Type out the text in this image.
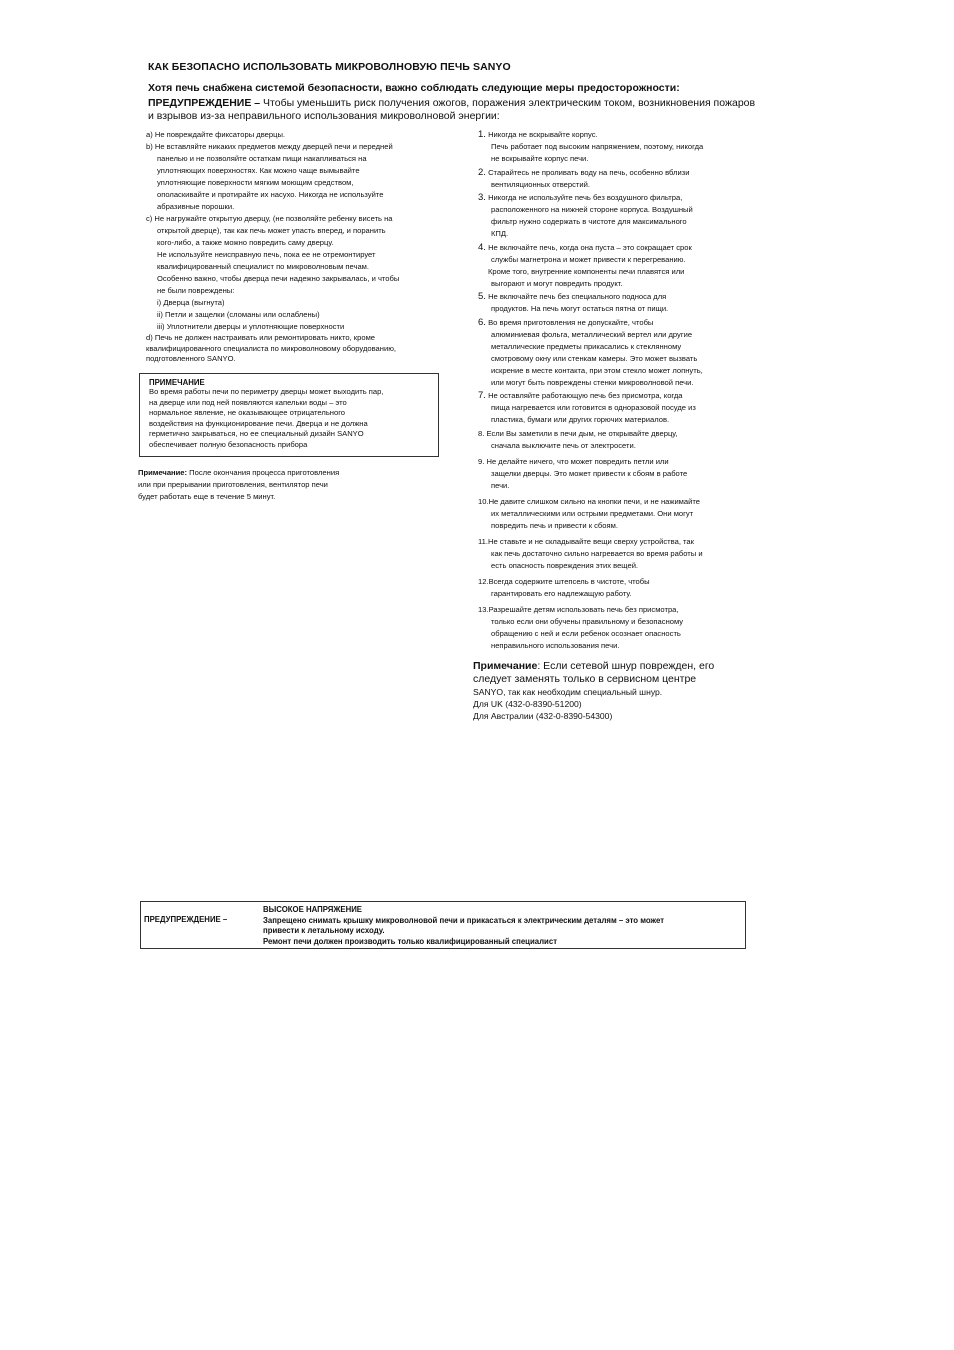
КАК БЕЗОПАСНО ИСПОЛЬЗОВАТЬ МИКРОВОЛНОВУЮ ПЕЧЬ SANYO
Хотя печь снабжена системой безопасности, важно соблюдать следующие меры предосторожности:
ПРЕДУПРЕЖДЕНИЕ – Чтобы уменьшить риск получения ожогов, поражения электрическим током, возникновения пожаров
и взрывов из-за неправильного использования микроволновой энергии:
a) Не повреждайте фиксаторы дверцы.
b) Не вставляйте никаких предметов между дверцей печи и передней
панелью и не позволяйте остаткам пищи накапливаться на
уплотняющих поверхностях. Как можно чаще вымывайте
уплотняющие поверхности мягким моющим средством,
ополаскивайте и протирайте их насухо. Никогда не используйте
абразивные порошки.
c) Не нагружайте открытую дверцу, (не позволяйте ребенку висеть на
открытой дверце), так как печь может упасть вперед, и поранить
кого-либо, а также можно повредить саму дверцу.
Не используйте неисправную печь, пока ее не отремонтирует
квалифицированный специалист по микроволновым печам.
Особенно важно, чтобы дверца печи надежно закрывалась, и чтобы
не были повреждены:
i) Дверца (выгнута)
ii) Петли и защелки (сломаны или ослаблены)
iii) Уплотнители дверцы и уплотняющие поверхности
d) Печь не должен настраивать или ремонтировать никто, кроме
квалифицированного специалиста по микроволновому оборудованию,
подготовленного SANYO.
ПРИМЕЧАНИЕ
Во время работы печи по периметру дверцы может выходить пар,
на дверце или под ней появляются капельки воды – это
нормальное явление, не оказывающее отрицательного
воздействия на функционирование печи. Дверца и не должна
герметично закрываться, но ее специальный дизайн SANYO
обеспечивает полную безопасность прибора
Примечание: После окончания процесса приготовления
или при прерывании приготовления, вентилятор печи
будет работать еще в течение 5 минут.
1. Никогда не вскрывайте корпус.
Печь работает под высоким напряжением, поэтому, никогда
не вскрывайте корпус печи.
2. Старайтесь не проливать воду на печь, особенно вблизи
вентиляционных отверстий.
3. Никогда не используйте печь без воздушного фильтра,
расположенного на нижней стороне корпуса. Воздушный
фильтр нужно содержать в чистоте для максимального
КПД.
4. Не включайте печь, когда она пуста – это сокращает срок
службы магнетрона и может привести к перегреванию.
Кроме того, внутренние компоненты печи плавятся или
выгорают и могут повредить продукт.
5. Не включайте печь без специального подноса для
продуктов. На печь могут остаться пятна от пищи.
6. Во время приготовления не допускайте, чтобы
алюминиевая фольга, металлический вертел или другие
металлические предметы прикасались к стеклянному
смотровому окну или стенкам камеры. Это может вызвать
искрение в месте контакта, при этом стекло может лопнуть,
или могут быть повреждены стенки микроволновой печи.
7. Не оставляйте работающую печь без присмотра, когда
пища нагревается или готовится в одноразовой посуде из
пластика, бумаги или других горючих материалов.
8. Если Вы заметили в печи дым, не открывайте дверцу,
сначала выключите печь от электросети.
9. Не делайте ничего, что может повредить петли или
защелки дверцы. Это может привести к сбоям в работе
печи.
10.Не давите слишком сильно на кнопки печи, и не нажимайте
их металлическими или острыми предметами. Они могут
повредить печь и привести к сбоям.
11.Не ставьте и не складывайте вещи сверху устройства, так
как печь достаточно сильно нагревается во время работы и
есть опасность повреждения этих вещей.
12.Всегда содержите штепсель в чистоте, чтобы
гарантировать его надлежащую работу.
13.Разрешайте детям использовать печь без присмотра,
только если они обучены правильному и безопасному
обращению с ней и если ребенок осознает опасность
неправильного использования печи.
Примечание: Если сетевой шнур поврежден, его
следует заменять только в сервисном центре
SANYO, так как необходим специальный шнур.
Для UK (432-0-8390-51200)
Для Австралии (432-0-8390-54300)
ПРЕДУПРЕЖДЕНИЕ –
ВЫСОКОЕ НАПРЯЖЕНИЕ
Запрещено снимать крышку микроволновой печи и прикасаться к электрическим деталям – это может
привести к летальному исходу.
Ремонт печи должен производить только квалифицированный специалист
